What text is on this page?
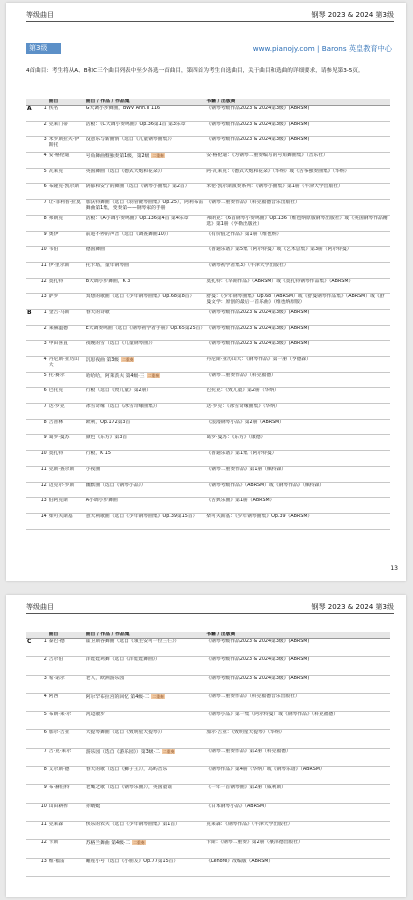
等级曲目	钢琴 2023 & 2024 第3级
第3级	www.pianojy.com | Barons 英皇教育中心
4首曲目：考生将从A、B和C三个曲目列表中至少各选一首曲目，第四首为考生自选曲目，关于曲目和选曲的详细要求，请参见第3-5页。
		曲目	曲目 / 作品 / 作品集	书籍 / 出版商
A	1	佚名	G大调小步舞曲，BWV Anh.II 116	《钢琴考级作品2023 & 2024第3级》(ABRSM)
	2	克莱门蒂	活板：《C大调小奏鸣曲》Op.36第1首 第3乐章	《钢琴考级作品2023 & 2024第3级》(ABRSM)
	3	米罗斯拉夫·伊斯托	没意乐与新曲情（选自《儿童钢琴曲集》）	《钢琴考级作品2023 & 2024第3级》(ABRSM)
	4	安·格伦迪	号角舞曲暨独奏第1级，第2级 二重奏	安·格伦迪：《为钢琴二重奏编写的号角舞曲集》（音乐社）
	5	瓦莱克	英国舞曲（选自《德式大炮和花朵》）	阿·瓦莱克：《德式大炮和花朵》（华纳）或《古筝独奏曲集》（华纳）
	6	布隆克·凯尔斯	阴郁和安宁的舞曲（选自《钢琴小曲集》第2首）	米伦·凯尔斯演奏系列：《钢琴小曲集》第1册（牛津大学出版社）
	7	让-菲利普·拉莫	加沃特舞曲（选自《羽管键琴曲集》Op.25），阿利布雷舞曲第1集，变奏第——钢琴家的手册	《钢琴二重奏作品》（科克福德音乐出版社）
	8	弗朗克	活板：《A小调小奏鸣曲》Op.136第4首 第4乐章	弗朗克：《6首钢琴小奏鸣曲》Op.136（维也纳原版钢琴出版社）或《英国钢琴作品精选》第1册（亨勒出版社）
	9	奥伊	前进不停的声音（选自《调查舞曲10》）	《有价值之作品》第1册（维也纳）
	10	韦伯	德国舞曲	《普通乐谱》第5集（阿尔特曼）或《艺术总集》第3册（阿尔特曼）
	11	伊·里尔斯	托卡塔，童年钢琴曲	《钢琴初学者集3》（牛津大学出版社）
	12	莫扎特	B大调小步舞曲，K 3	莫扎特：《早期作品》（ABRSM）或《莫扎特钢琴作品集》（ABRSM）
	13	萨罗	冥想的歌曲（选自《少年钢琴曲集》Op.68第8首）	舒曼：《少年钢琴曲集》Op.68（ABRSM）或《舒曼钢琴作品集》（ABRSM）或《舒曼文学：原创的最后一首乐曲》（维也纳原版）
B	1	金吉·马斯	春天的诗歌	《钢琴考级作品2023 & 2024第3级》(ABRSM)
	2	莱赫温德	E大调奏鸣曲（选自《钢琴初学者手册》Op.65第25首）	《钢琴考级作品2023 & 2024第3级》(ABRSM)
	3	中田喜直	夜晚的雪（选自《儿童钢琴曲》）	《钢琴考级作品2023 & 2024第3级》(ABRSM)
	4	丹尼斯·亚历山大	沉思夜曲 第3级 二重奏	丹尼斯·亚历山大：《钢琴作品》第一册（亨德森）
	5	托·赛尔	哈哈哈，阿莱茨夫 第4级·三 二重奏	《钢琴二重奏作品》（科克福德）
	6	巴托克	行板（选自《致儿童》第2册）	巴托克：《致儿童》第2册（华纳）
	7	达·罗克	冰雪奇缘（选自《冰雪奇缘曲集》）	达·罗克：《冰雪奇缘曲集》（华纳）
	8	吉普林	欧利，Op.172第3首	《浪漫钢琴小品》第2册（ABRSM）
	9	葛罗·曼苏	颜色《东方》第3首	葛罗·曼苏：《东方》（康德）
	10	莫扎特	行板，K 15	《普通乐谱》第1集（阿尔特曼）
	11	克斯·查尔斯	小夜曲	《钢琴二重奏作品》第1册（佩特森）
	12	迈克尔·罗斯	幽默曲（选自《钢琴小品》）	《钢琴考级作品》（ABRSM）或《钢琴作品》（佩特森）
	13	伯阿克斯	A小调小步舞曲	《古典乐曲》第1册（ABRSM）
	14	柴可夫斯基	意大利歌曲（选自《少年钢琴曲集》Op.39第15首）	柴可夫斯基：《少年钢琴曲集》Op.39（ABRSM）
13
等级曲目	钢琴 2023 & 2024 第3级
		曲目	曲目 / 作品 / 作品集	书籍 / 出版商
C	1	泰巴·德	霍卫斯谷舞曲（选自《领主安可一位三仨》）	《钢琴考级作品2023 & 2024第3级》(ABRSM)
	2	吉尔伯	洋娃娃鸡舞（选自《洋娃娃舞曲》）	《钢琴考级作品2023 & 2024第3级》(ABRSM)
	3	希·诺尔	老人，欧洲游乐园	《钢琴考级作品2023 & 2024第3级》(ABRSM)
	4	阿西	阿尔罕布拉宫的回忆 第4级·二 二重奏	《钢琴二重奏作品》（科克福德音乐出版社）
	5	布朗·莱·尔	河边散步	《钢琴小品》第一集（阿尔特曼）或《钢琴作品》（科克福德）
	6	加尔·吉亚	大提琴舞曲（选自《致明星大提琴》）	加尔·吉亚：《致明星大提琴》（华纳）
	7	吉·克·莱尔	游乐园（选自《游乐园》）第3级·二 二重奏	《钢琴二重奏作品》第2册（科克福德）
	8	艾尔斯·德	春天的歌（选自《狮子王》），岛屿音乐	《钢琴作品》第4册（华纳）或《钢琴乐谱》（ABRSM）
	9	布·赫伯特	老鹰之歌（选自《钢琴乐曲》），英国童谣	《一年一首钢琴曲》第2册（威利斯）
	10	山田耕筰	赤蜻蜓	《日本钢琴小品》（ABRSM）
	11	克莱森	快乐的农夫（选自《少年钢琴曲集》第1首）	克莱森：《钢琴作品》（牛津大学出版社）
	12	卡斯	苏格兰舞曲 第4级·二 二重奏	卡斯：《钢琴二重奏》第2册（豪泽德出版社）
	13	维·福雷	睡莲小号（选自《小朋友》Op.77第15首）	《Lenore》改编版（ABRSM）
